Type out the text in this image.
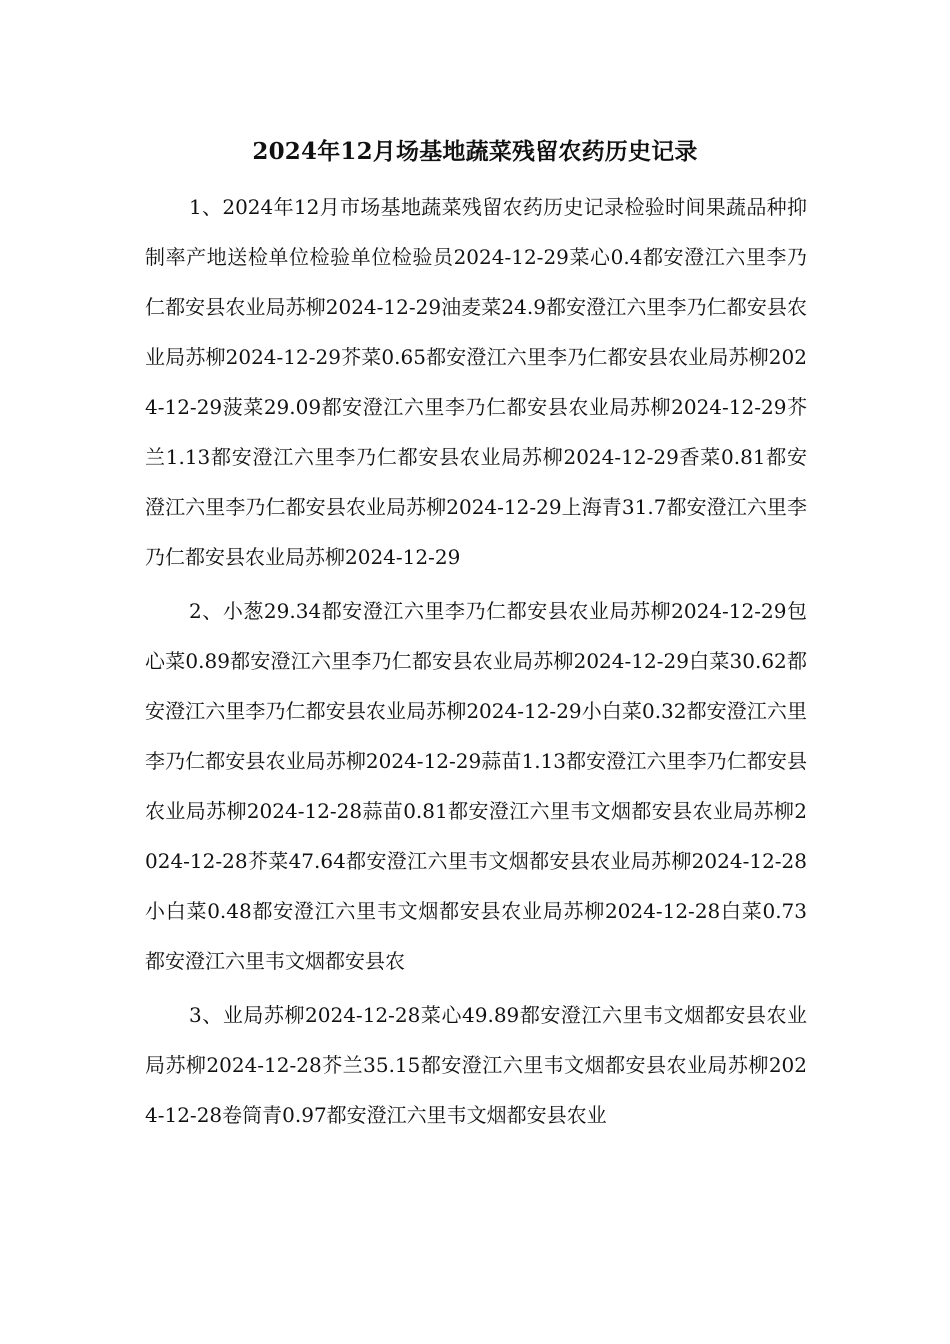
2024年12月场基地蔬菜残留农药历史记录

1、2024年12月市场基地蔬菜残留农药历史记录检验时间果蔬品种抑制率产地送检单位检验单位检验员2024-12-29菜心0.4都安澄江六里李乃仁都安县农业局苏柳2024-12-29油麦菜24.9都安澄江六里李乃仁都安县农业局苏柳2024-12-29芥菜0.65都安澄江六里李乃仁都安县农业局苏柳2024-12-29菠菜29.09都安澄江六里李乃仁都安县农业局苏柳2024-12-29芥兰1.13都安澄江六里李乃仁都安县农业局苏柳2024-12-29香菜0.81都安澄江六里李乃仁都安县农业局苏柳2024-12-29上海青31.7都安澄江六里李乃仁都安县农业局苏柳2024-12-29

2、小葱29.34都安澄江六里李乃仁都安县农业局苏柳2024-12-29包心菜0.89都安澄江六里李乃仁都安县农业局苏柳2024-12-29白菜30.62都安澄江六里李乃仁都安县农业局苏柳2024-12-29小白菜0.32都安澄江六里李乃仁都安县农业局苏柳2024-12-29蒜苗1.13都安澄江六里李乃仁都安县农业局苏柳2024-12-28蒜苗0.81都安澄江六里韦文烟都安县农业局苏柳2024-12-28芥菜47.64都安澄江六里韦文烟都安县农业局苏柳2024-12-28小白菜0.48都安澄江六里韦文烟都安县农业局苏柳2024-12-28白菜0.73都安澄江六里韦文烟都安县农

3、业局苏柳2024-12-28菜心49.89都安澄江六里韦文烟都安县农业局苏柳2024-12-28芥兰35.15都安澄江六里韦文烟都安县农业局苏柳2024-12-28卷筒青0.97都安澄江六里韦文烟都安县农业
